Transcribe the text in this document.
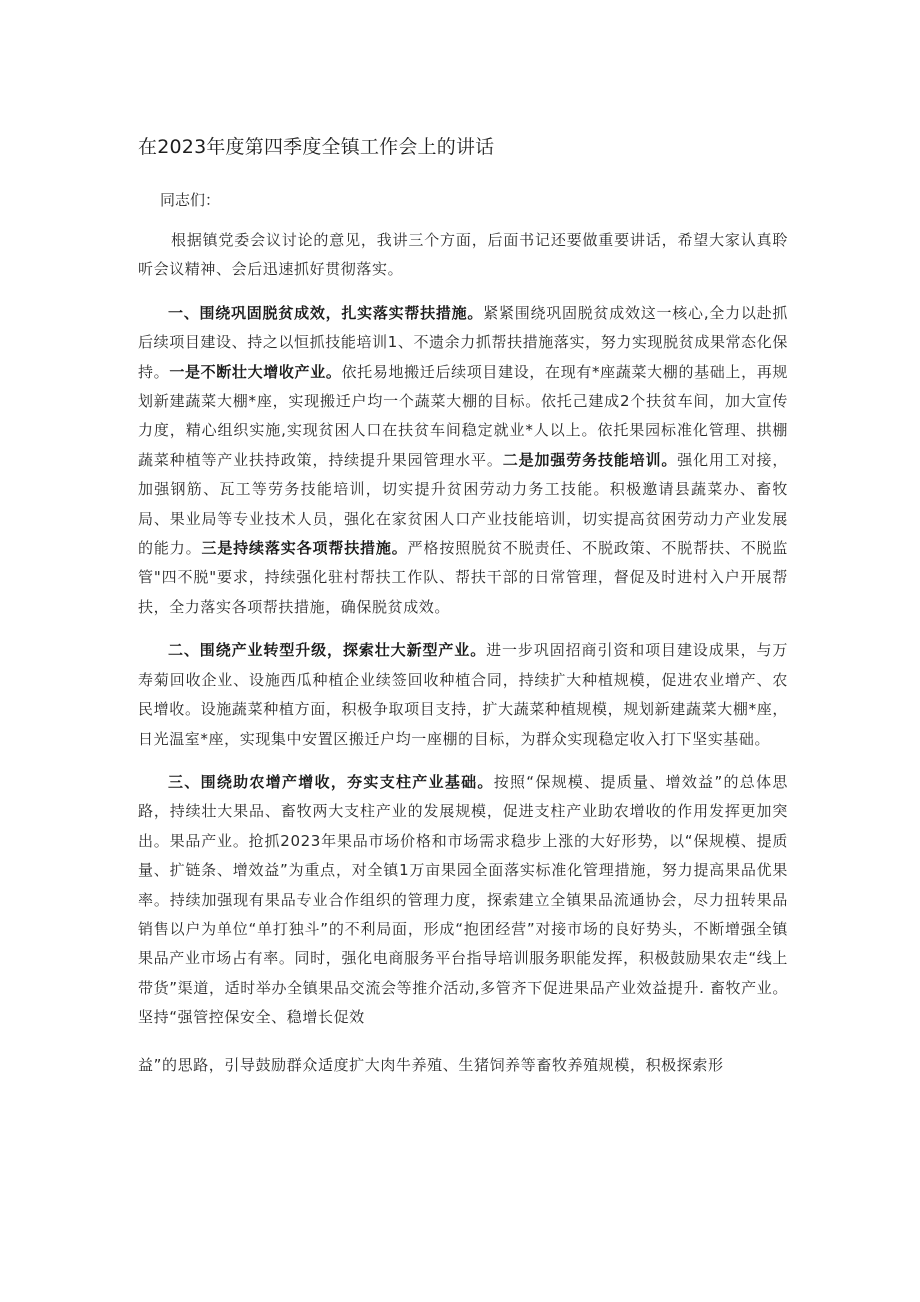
在2023年度第四季度全镇工作会上的讲话

同志们：

根据镇党委会议讨论的意见，我讲三个方面，后面书记还要做重要讲话，希望大家认真聆听会议精神、会后迅速抓好贯彻落实。

一、围绕巩固脱贫成效，扎实落实帮扶措施。紧紧围绕巩固脱贫成效这一核心,全力以赴抓后续项目建设、持之以恒抓技能培训1、不遗余力抓帮扶措施落实，努力实现脱贫成果常态化保持。一是不断壮大增收产业。依托易地搬迁后续项目建设，在现有*座蔬菜大棚的基础上，再规划新建蔬菜大棚*座，实现搬迁户均一个蔬菜大棚的目标。依托己建成2个扶贫车间，加大宣传力度，精心组织实施,实现贫困人口在扶贫车间稳定就业*人以上。依托果园标准化管理、拱棚蔬菜种植等产业扶持政策，持续提升果园管理水平。二是加强劳务技能培训。强化用工对接，加强钢筋、瓦工等劳务技能培训，切实提升贫困劳动力务工技能。积极邀请县蔬菜办、畜牧局、果业局等专业技术人员，强化在家贫困人口产业技能培训，切实提高贫困劳动力产业发展的能力。三是持续落实各项帮扶措施。严格按照脱贫不脱责任、不脱政策、不脱帮扶、不脱监管"四不脱"要求，持续强化驻村帮扶工作队、帮扶干部的日常管理，督促及时进村入户开展帮扶，全力落实各项帮扶措施，确保脱贫成效。

二、围绕产业转型升级，探索壮大新型产业。进一步巩固招商引资和项目建设成果，与万寿菊回收企业、设施西瓜种植企业续签回收种植合同，持续扩大种植规模，促进农业增产、农民增收。设施蔬菜种植方面，积极争取项目支持，扩大蔬菜种植规模，规划新建蔬菜大棚*座，日光温室*座，实现集中安置区搬迁户均一座棚的目标，为群众实现稳定收入打下坚实基础。

三、围绕助农增产增收，夯实支柱产业基础。按照“保规模、提质量、增效益”的总体思路，持续壮大果品、畜牧两大支柱产业的发展规模，促进支柱产业助农增收的作用发挥更加突出。果品产业。抢抓2023年果品市场价格和市场需求稳步上涨的大好形势，以“保规模、提质量、扩链条、增效益”为重点，对全镇1万亩果园全面落实标准化管理措施，努力提高果品优果率。持续加强现有果品专业合作组织的管理力度，探索建立全镇果品流通协会，尽力扭转果品销售以户为单位“单打独斗”的不利局面，形成“抱团经营”对接市场的良好势头，不断增强全镇果品产业市场占有率。同时，强化电商服务平台指导培训服务职能发挥，积极鼓励果农走“线上带货”渠道，适时举办全镇果品交流会等推介活动,多管齐下促进果品产业效益提升. 畜牧产业。坚持“强管控保安全、稳增长促效

益”的思路，引导鼓励群众适度扩大肉牛养殖、生猪饲养等畜牧养殖规模，积极探索形
